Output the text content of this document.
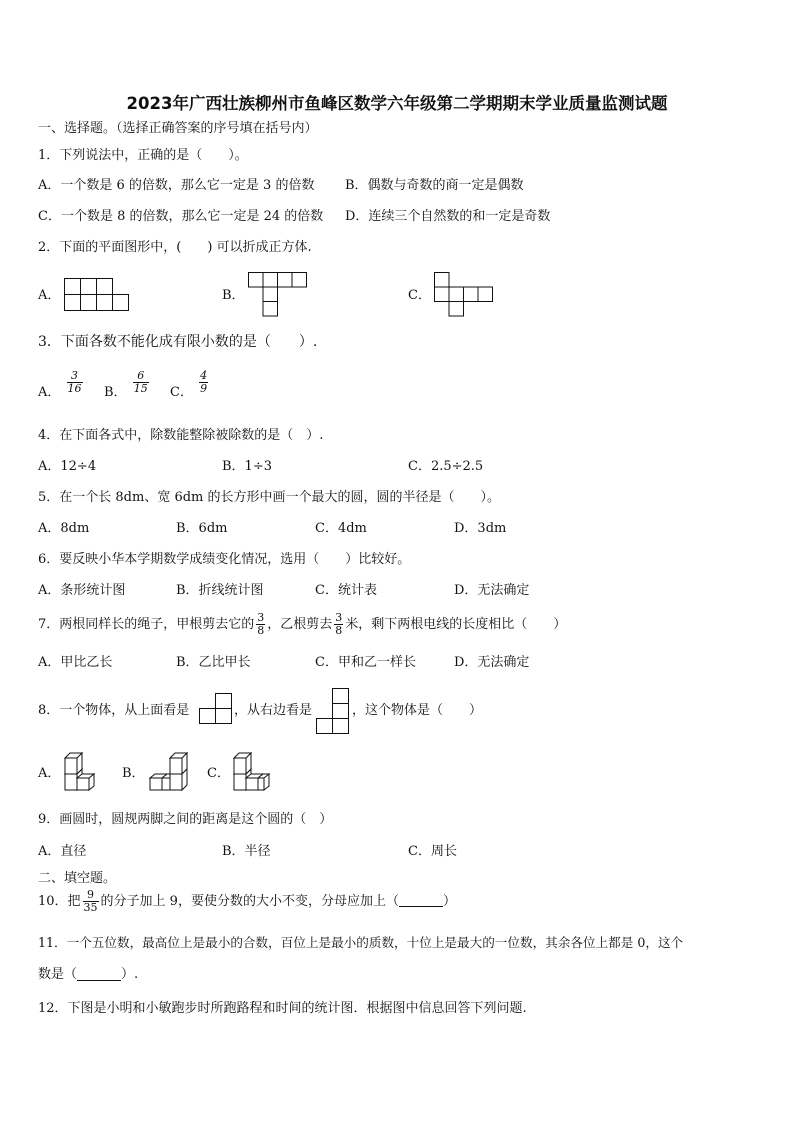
2023年广西壮族柳州市鱼峰区数学六年级第二学期期末学业质量监测试题
一、选择题。（选择正确答案的序号填在括号内）
1．下列说法中，正确的是（　　）。
A．一个数是 6 的倍数，那么它一定是 3 的倍数 B．偶数与奇数的商一定是偶数
C．一个数是 8 的倍数，那么它一定是 24 的倍数 D．连续三个自然数的和一定是奇数
2．下面的平面图形中，(　　) 可以折成正方体.
A．	B．	C．
3．下面各数不能化成有限小数的是（　　）.
A． $\frac{3}{16}$ B． $\frac{6}{15}$ C． $\frac{4}{9}$
4．在下面各式中，除数能整除被除数的是（　）.
A．12÷4	B．1÷3	C．2.5÷2.5
5．在一个长 8dm、宽 6dm 的长方形中画一个最大的圆，圆的半径是（　　）。
A．8dm	B．6dm	C．4dm	D．3dm
6．要反映小华本学期数学成绩变化情况，选用（　　）比较好。
A．条形统计图	B．折线统计图	C．统计表	D．无法确定
7．两根同样长的绳子，甲根剪去它的 $\frac{3}{8}$ ，乙根剪去 $\frac{3}{8}$ 米，剩下两根电线的长度相比（　　）
A．甲比乙长	B．乙比甲长	C．甲和乙一样长	D．无法确定
8．一个物体，从上面看是	，从右边看是	，这个物体是（　　）
A．	B．	C．
9．画圆时，圆规两脚之间的距离是这个圆的（　）
A．直径	B．半径	C．周长
二、填空题。
10．把 $\frac{9}{35}$ 的分子加上 9，要使分数的大小不变，分母应加上（	）
11．一个五位数，最高位上是最小的合数，百位上是最小的质数，十位上是最大的一位数，其余各位上都是 0，这个
数是（	）.
12．下图是小明和小敏跑步时所跑路程和时间的统计图．根据图中信息回答下列问题.
